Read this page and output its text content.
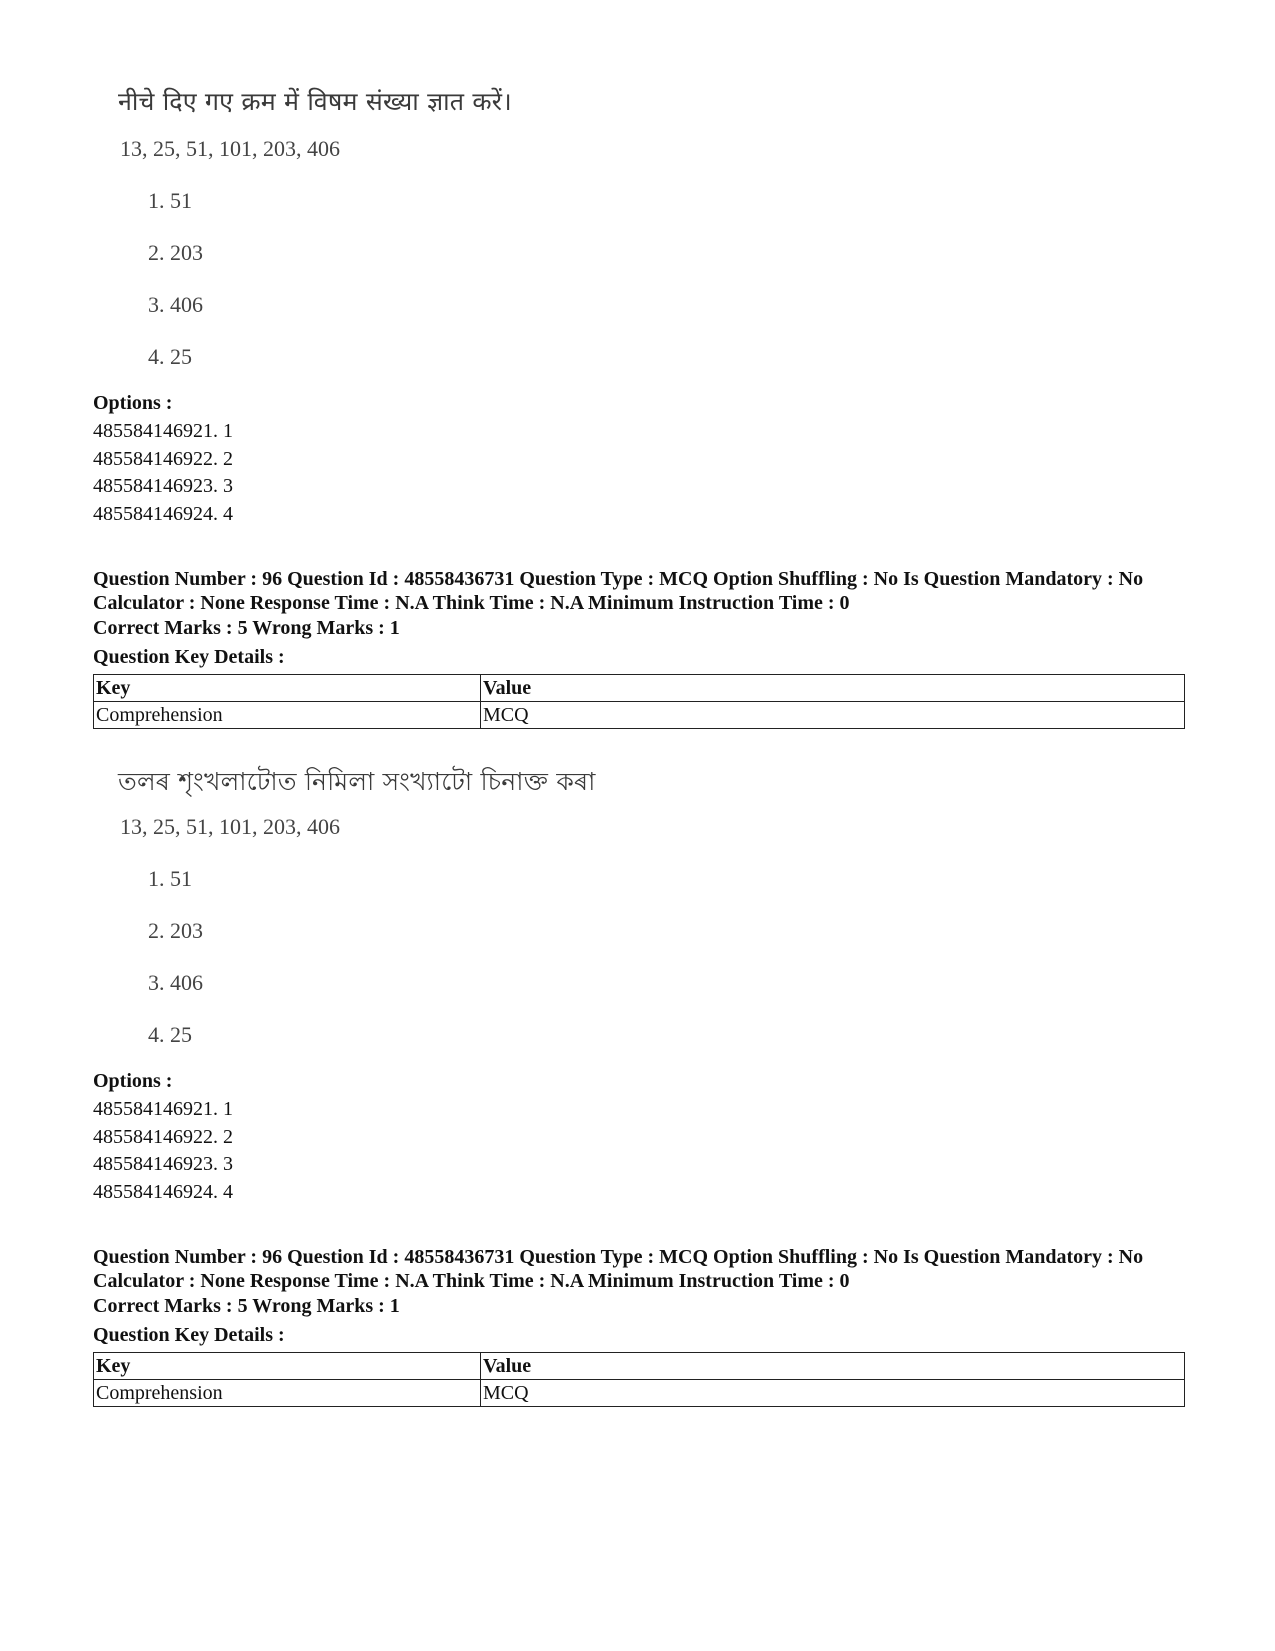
नीचे दिए गए क्रम में विषम संख्या ज्ञात करें।
13, 25, 51, 101, 203, 406
1. 51
2. 203
3. 406
4. 25
Options :
485584146921. 1
485584146922. 2
485584146923. 3
485584146924. 4
Question Number : 96 Question Id : 48558436731 Question Type : MCQ Option Shuffling : No Is Question Mandatory : No Calculator : None Response Time : N.A Think Time : N.A Minimum Instruction Time : 0
Correct Marks : 5 Wrong Marks : 1
Question Key Details :
Key	Value
Comprehension	MCQ
তলৰ শৃংখলাটোত নিমিলা সংখ্যাটো চিনাক্ত কৰা
13, 25, 51, 101, 203, 406
1. 51
2. 203
3. 406
4. 25
Options :
485584146921. 1
485584146922. 2
485584146923. 3
485584146924. 4
Question Number : 96 Question Id : 48558436731 Question Type : MCQ Option Shuffling : No Is Question Mandatory : No Calculator : None Response Time : N.A Think Time : N.A Minimum Instruction Time : 0
Correct Marks : 5 Wrong Marks : 1
Question Key Details :
Key	Value
Comprehension	MCQ
